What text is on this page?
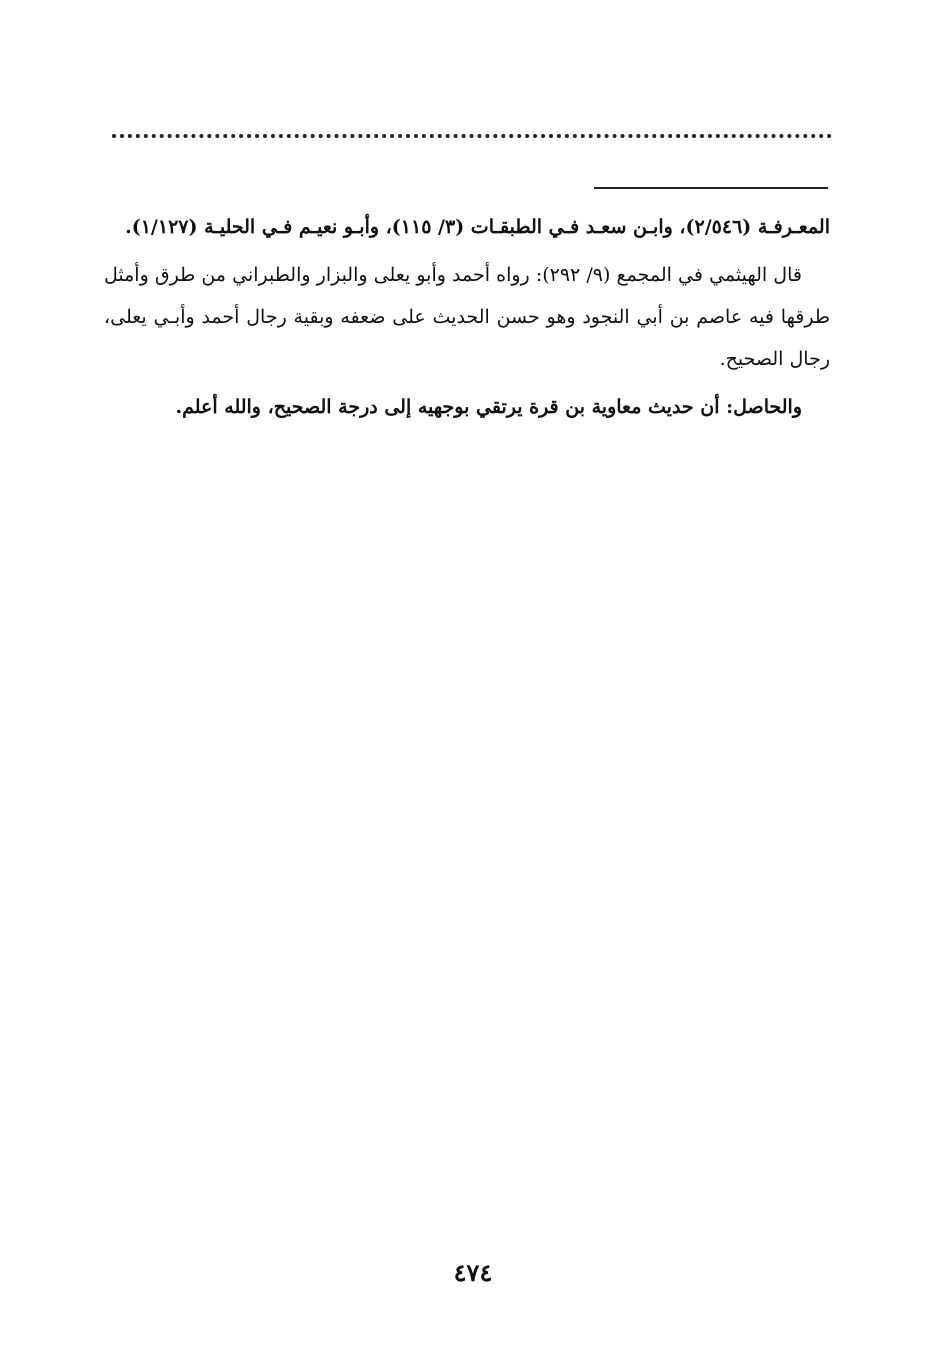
المعـرفـة (٢/٥٤٦)، وابـن سعـد فـي الطبقـات (٣/ ١١٥)، وأبـو نعيـم فـي الحليـة (١/١٢٧).

قال الهيثمي في المجمع (٩/ ٢٩٢): رواه أحمد وأبو يعلى والبزار والطبراني من طرق وأمثل طرقها فيه عاصم بن أبي النجود وهو حسن الحديث على ضعفه وبقية رجال أحمد وأبـي يعلى، رجال الصحيح.

والحاصل: أن حديث معاوية بن قرة يرتقي بوجهيه إلى درجة الصحيح، والله أعلم.

٤٧٤
